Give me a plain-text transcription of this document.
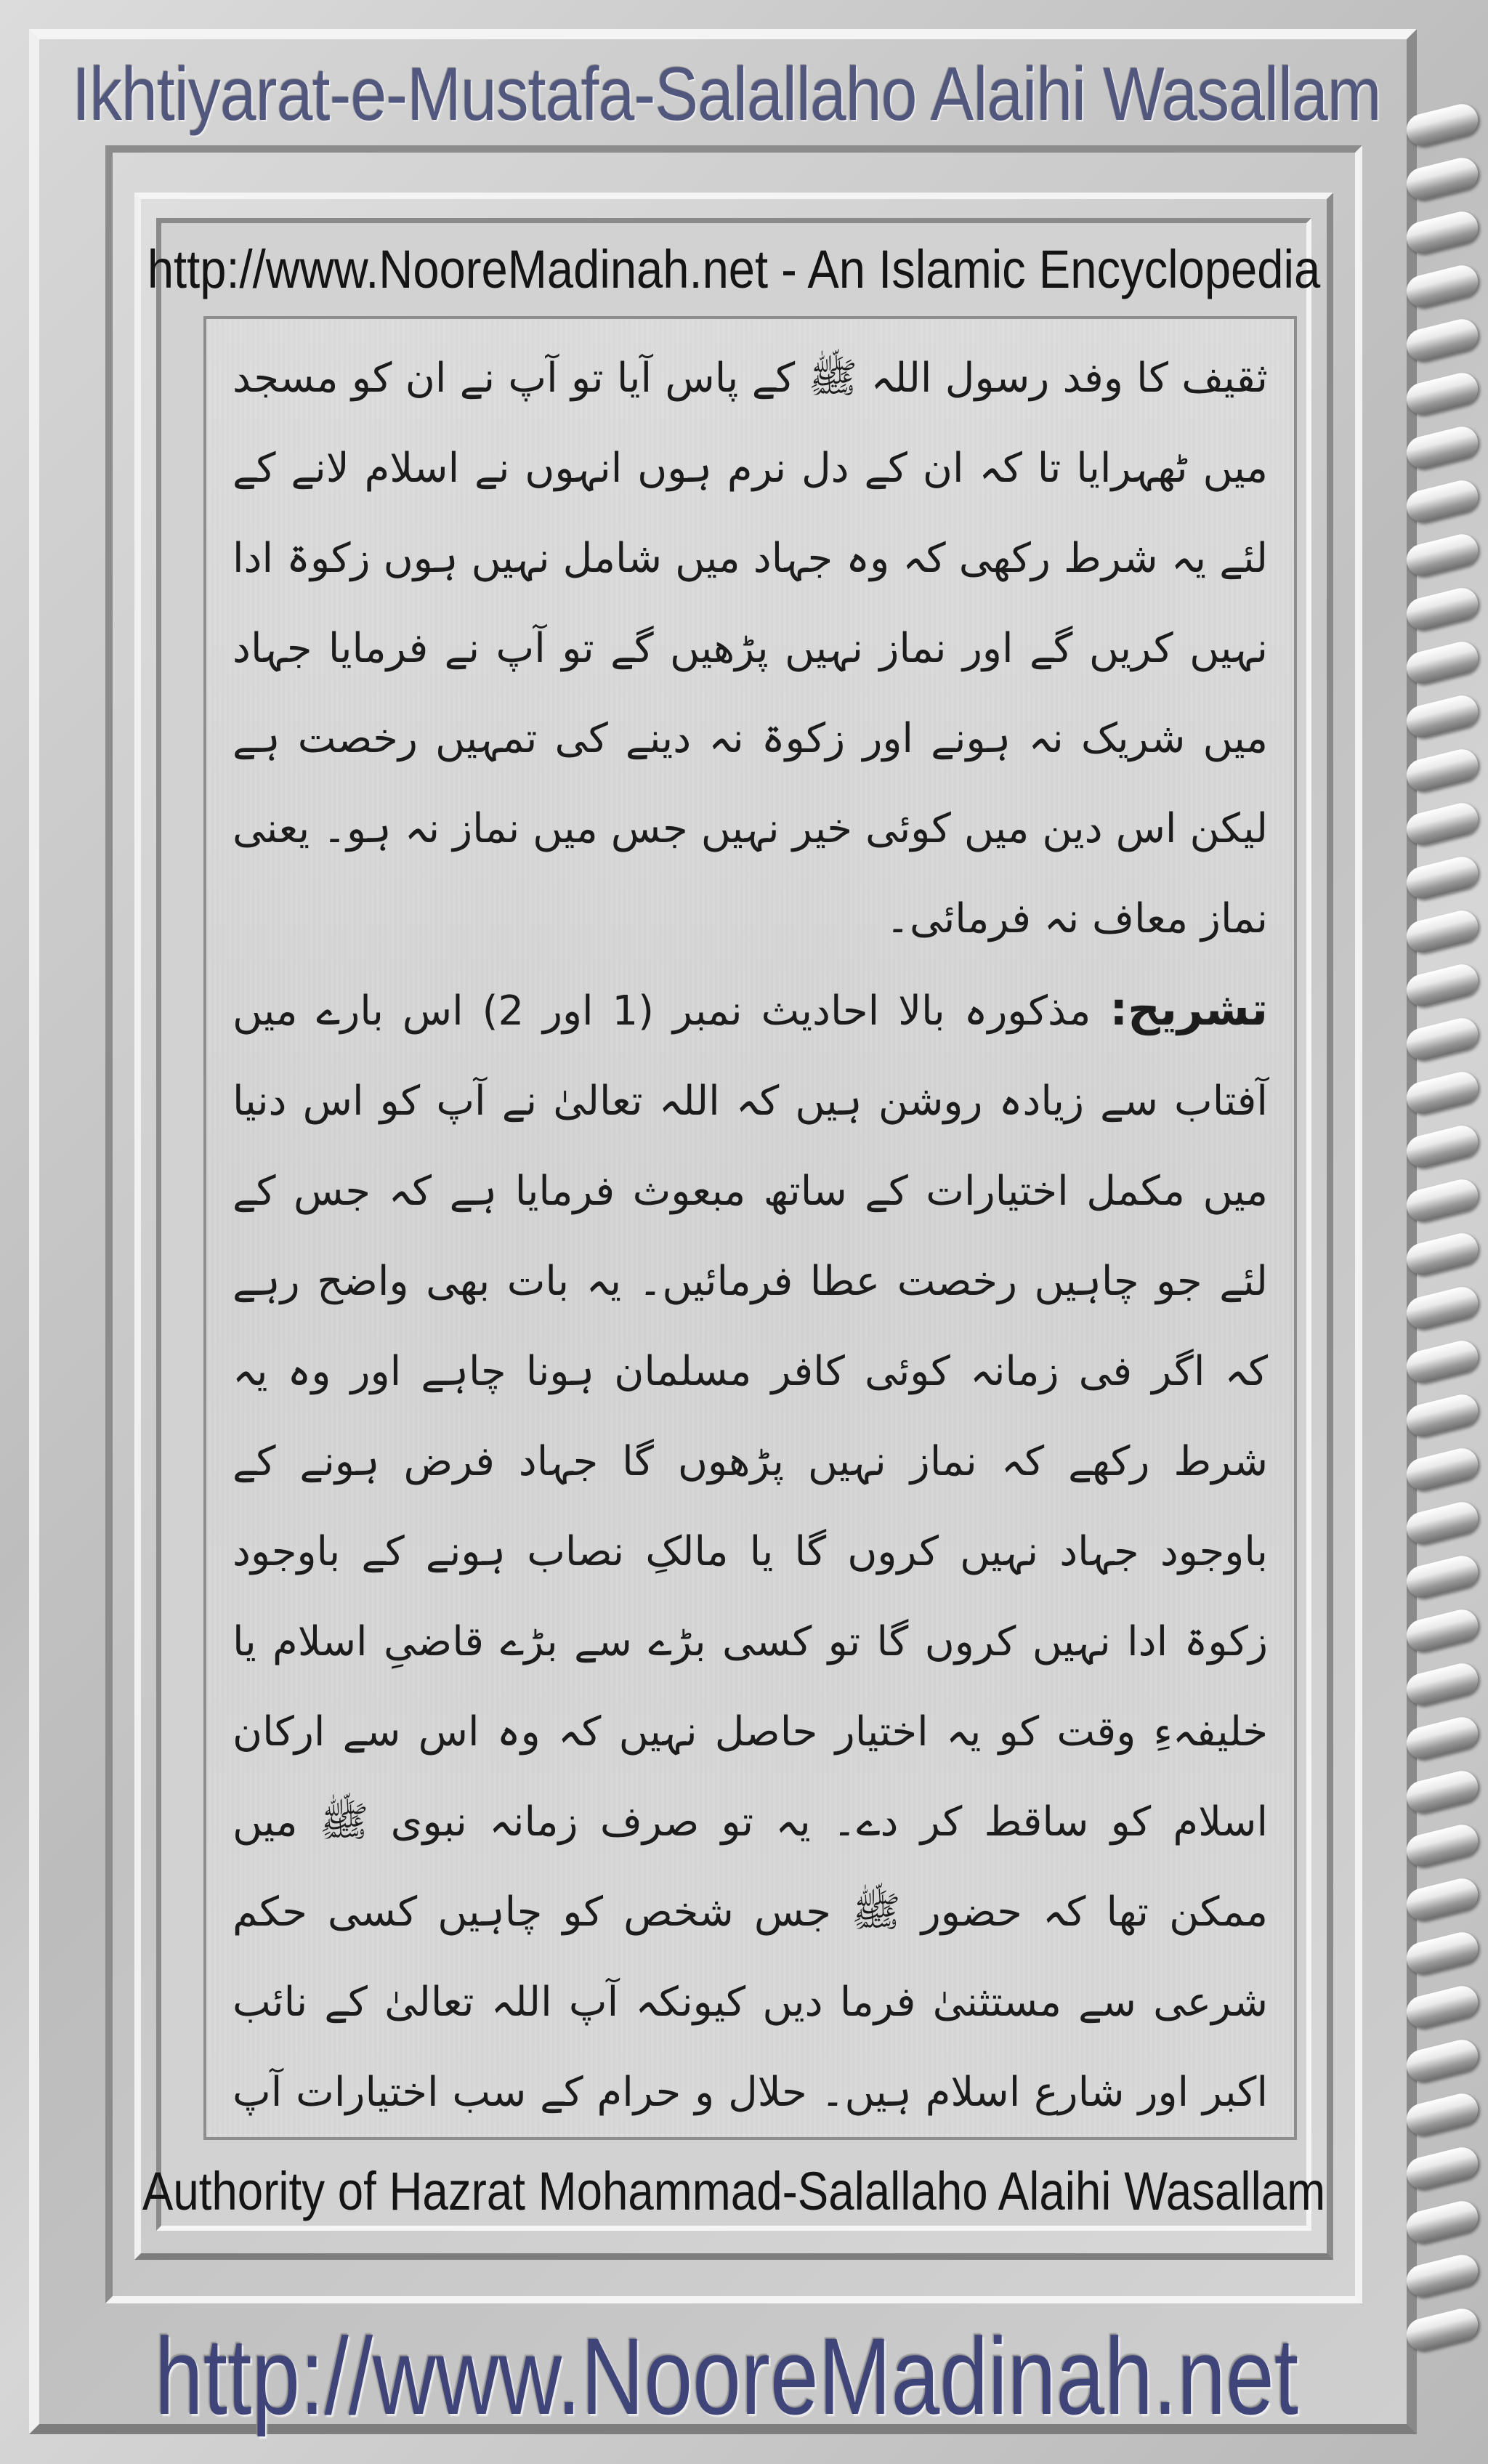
Ikhtiyarat-e-Mustafa-Salallaho Alaihi Wasallam
http://www.NooreMadinah.net - An Islamic Encyclopedia

ثقیف کا وفد رسول اللہ ﷺ کے پاس آیا تو آپ نے ان کو مسجد میں ٹھہرایا تا کہ ان کے دل نرم ہوں انہوں نے اسلام لانے کے لئے یہ شرط رکھی کہ وہ جہاد میں شامل نہیں ہوں زکوۃ ادا نہیں کریں گے اور نماز نہیں پڑھیں گے تو آپ نے فرمایا جہاد میں شریک نہ ہونے اور زکوۃ نہ دینے کی تمہیں رخصت ہے لیکن اس دین میں کوئی خیر نہیں جس میں نماز نہ ہو۔ یعنی نماز معاف نہ فرمائی۔

تشریح: مذکورہ بالا احادیث نمبر (1 اور 2) اس بارے میں آفتاب سے زیادہ روشن ہیں کہ اللہ تعالیٰ نے آپ کو اس دنیا میں مکمل اختیارات کے ساتھ مبعوث فرمایا ہے کہ جس کے لئے جو چاہیں رخصت عطا فرمائیں۔ یہ بات بھی واضح رہے کہ اگر فی زمانہ کوئی کافر مسلمان ہونا چاہے اور وہ یہ شرط رکھے کہ نماز نہیں پڑھوں گا جہاد فرض ہونے کے باوجود جہاد نہیں کروں گا یا مالکِ نصاب ہونے کے باوجود زکوۃ ادا نہیں کروں گا تو کسی بڑے سے بڑے قاضیِ اسلام یا خلیفہءِ وقت کو یہ اختیار حاصل نہیں کہ وہ اس سے ارکان اسلام کو ساقط کر دے۔ یہ تو صرف زمانہ نبوی ﷺ میں ممکن تھا کہ حضور ﷺ جس شخص کو چاہیں کسی حکم شرعی سے مستثنیٰ فرما دیں کیونکہ آپ اللہ تعالیٰ کے نائب اکبر اور شارع اسلام ہیں۔ حلال و حرام کے سب اختیارات آپ

Authority of Hazrat Mohammad-Salallaho Alaihi Wasallam
http://www.NooreMadinah.net
